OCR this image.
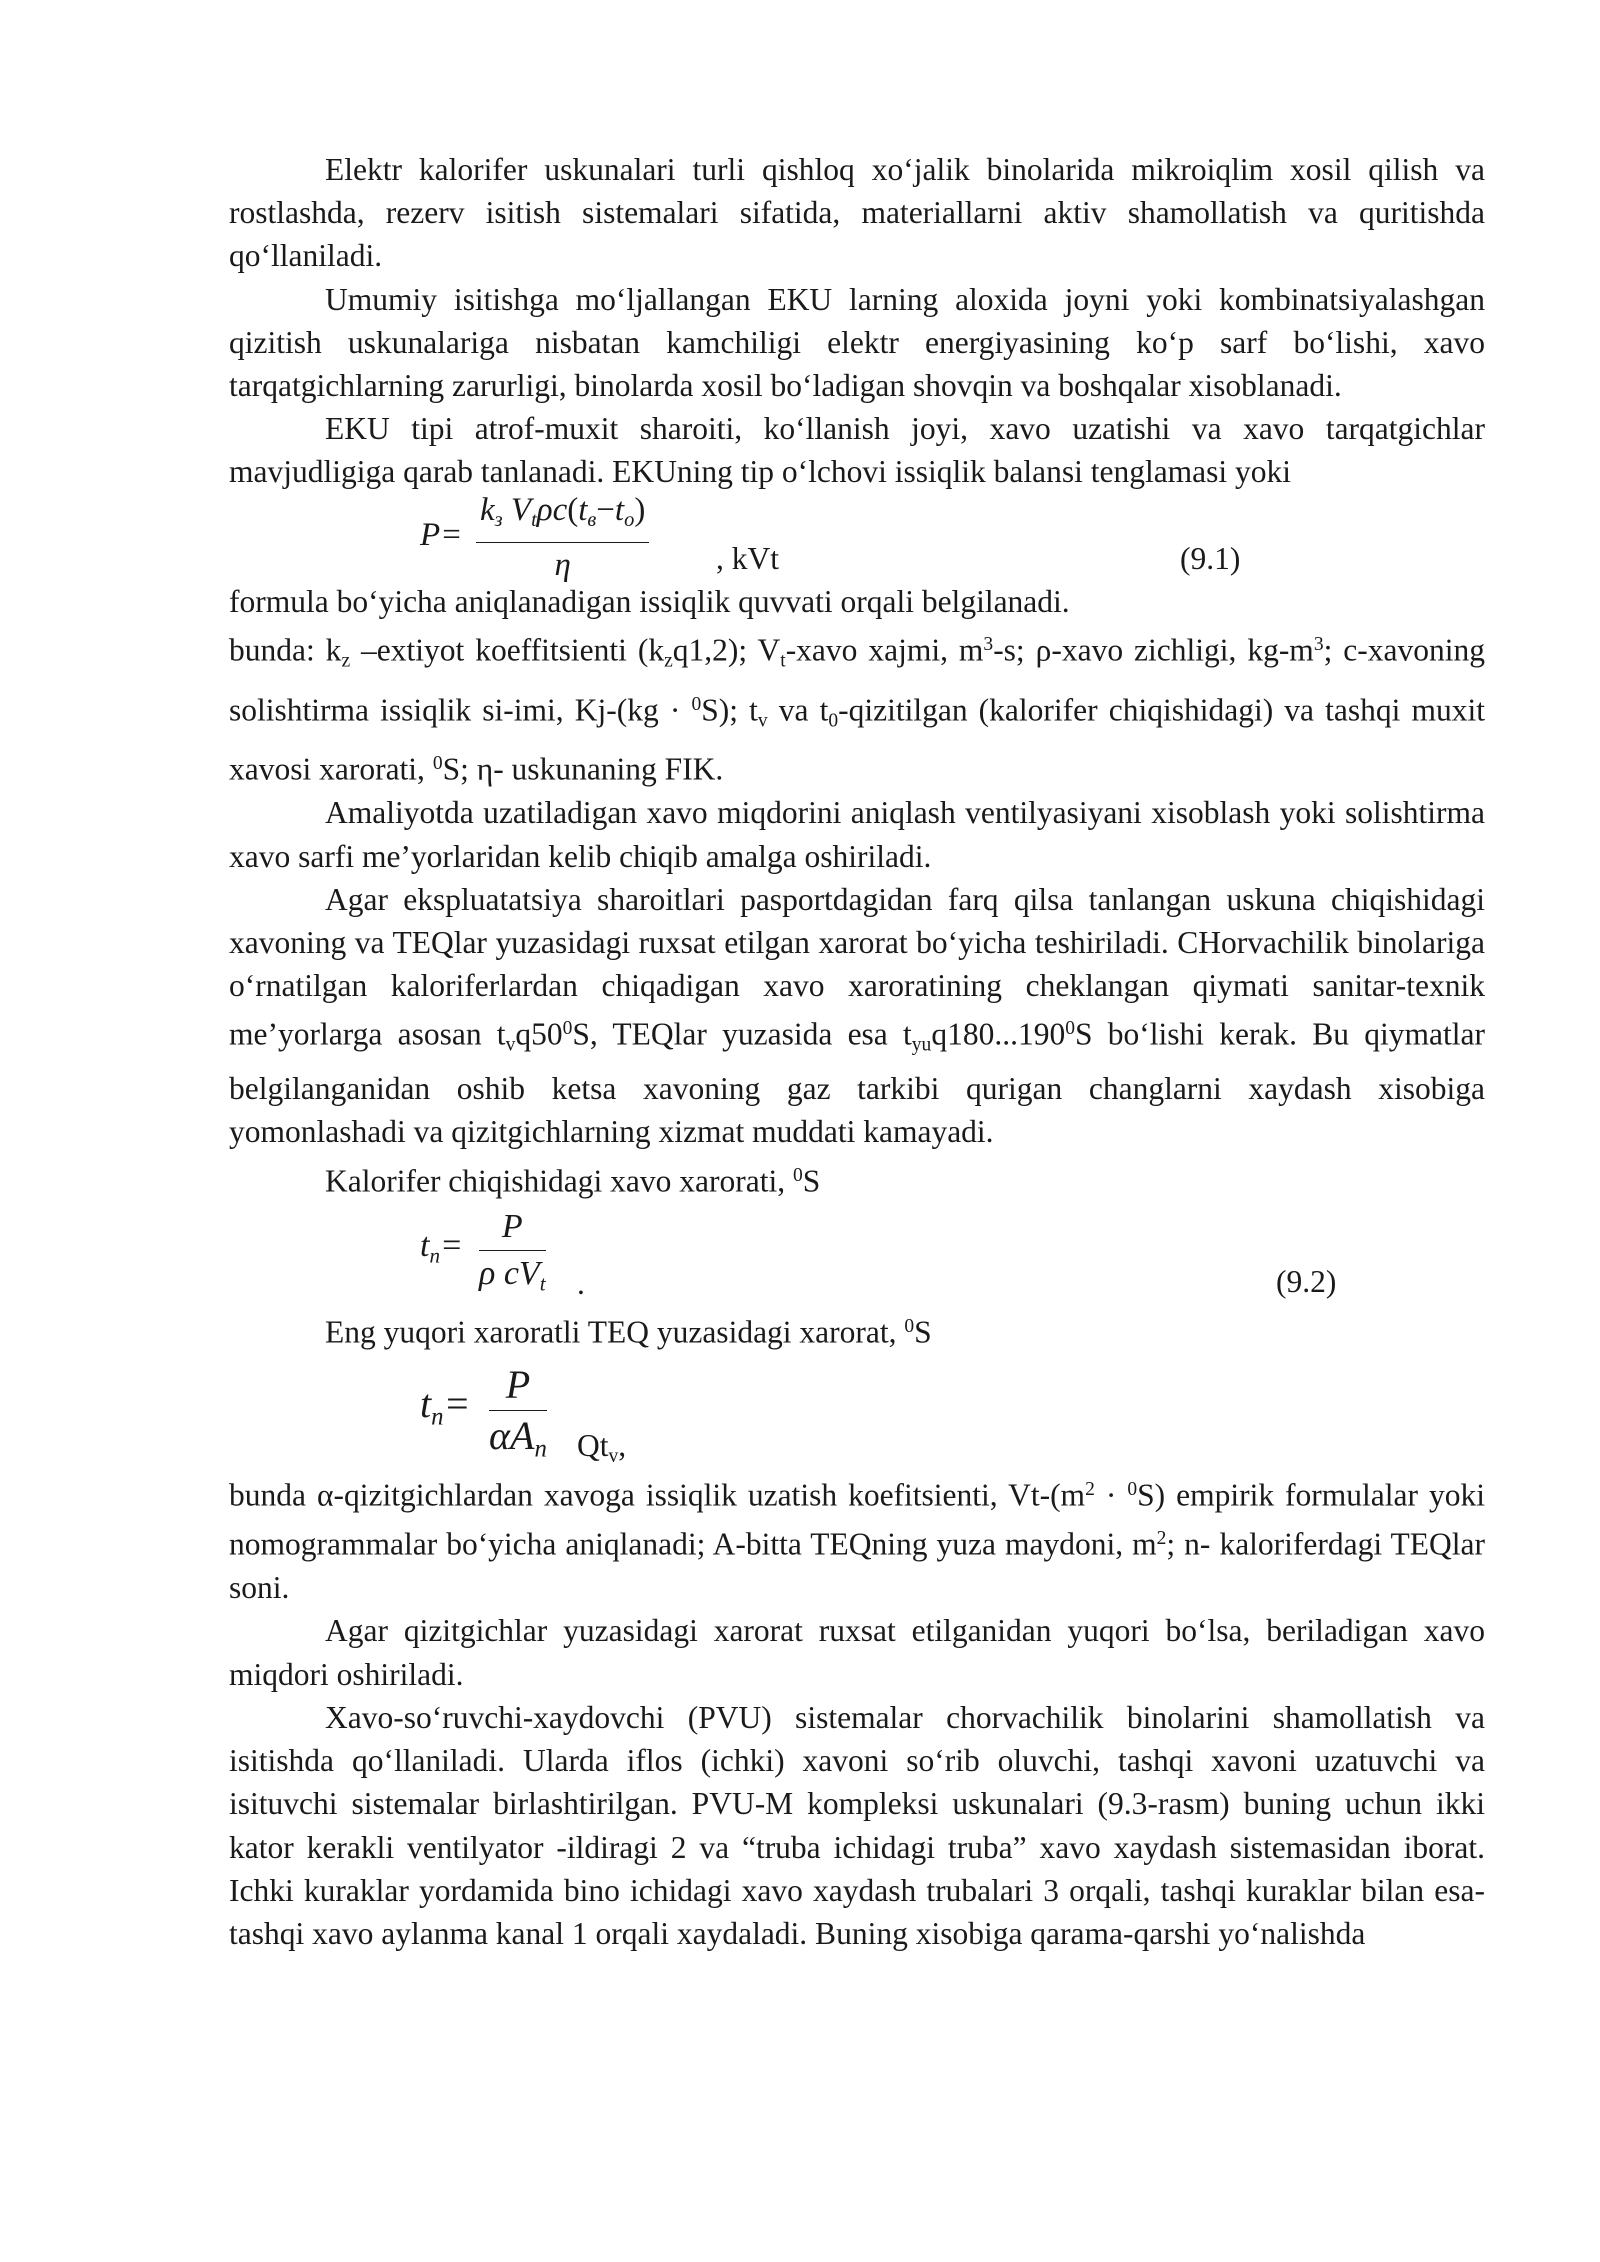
Elektr kalorifer uskunalari turli qishloq xo‘jalik binolarida mikroiqlim xosil qilish va rostlashda, rezerv isitish sistemalari sifatida, materiallarni aktiv shamollatish va quritishda qo‘llaniladi.

Umumiy isitishga mo‘ljallangan EKU larning aloxida joyni yoki kombinatsiyalashgan qizitish uskunalariga nisbatan kamchiligi elektr energiyasining ko‘p sarf bo‘lishi, xavo tarqatgichlarning zarurligi, binolarda xosil bo‘ladigan shovqin va boshqalar xisoblanadi.

EKU tipi atrof-muxit sharoiti, ko‘llanish joyi, xavo uzatishi va xavo tarqatgichlar mavjudligiga qarab tanlanadi. EKUning tip o‘lchovi issiqlik balansi tenglamasi yoki

P=
$k_з$ $V_t\rho c(t_в-t_о)$
η	, kVt	(9.1)

formula bo‘yicha aniqlanadigan issiqlik quvvati orqali belgilanadi.

bunda: $k_z$ –extiyot koeffitsienti $(k_zq1,2)$; $V_t$-xavo xajmi, $m^3-s$; ρ-xavo zichligi, $kg-m^3$; c-xavoning solishtirma issiqlik si-imi, Kj-(kg · $^0$S); $t_v$ va $t_0$-qizitilgan (kalorifer chiqishidagi) va tashqi muxit xavosi xarorati, $^0$S; η- uskunaning FIK.

Amaliyotda uzatiladigan xavo miqdorini aniqlash ventilyasiyani xisoblash yoki solishtirma xavo sarfi me’yorlaridan kelib chiqib amalga oshiriladi.

Agar ekspluatatsiya sharoitlari pasportdagidan farq qilsa tanlangan uskuna chiqishidagi xavoning va TEQlar yuzasidagi ruxsat etilgan xarorat bo‘yicha teshiriladi. CHorvachilik binolariga o‘rnatilgan kaloriferlardan chiqadigan xavo xaroratining cheklangan qiymati sanitar-texnik me’yorlarga asosan $t_vq50^0S$, TEQlar yuzasida esa $t_{yu}q180...190^0S$ bo‘lishi kerak. Bu qiymatlar belgilanganidan oshib ketsa xavoning gaz tarkibi qurigan changlarni xaydash xisobiga yomonlashadi va qizitgichlarning xizmat muddati kamayadi.

Kalorifer chiqishidagi xavo xarorati, $^0$S

$t_n=$
P
ρ $cV_t$ .	(9.2)

Eng yuqori xaroratli TEQ yuzasidagi xarorat, $^0$S

$t_n= P$
$\alpha A_n$ $Qt_v$,

bunda α-qizitgichlardan xavoga issiqlik uzatish koefitsienti, $Vt-(m^2 \cdot ^0S)$ empirik formulalar yoki nomogrammalar bo‘yicha aniqlanadi; A-bitta TEQning yuza maydoni, $m^2$; n- kaloriferdagi TEQlar soni.

Agar qizitgichlar yuzasidagi xarorat ruxsat etilganidan yuqori bo‘lsa, beriladigan xavo miqdori oshiriladi.

Xavo-so‘ruvchi-xaydovchi (PVU) sistemalar chorvachilik binolarini shamollatish va isitishda qo‘llaniladi. Ularda iflos (ichki) xavoni so‘rib oluvchi, tashqi xavoni uzatuvchi va isituvchi sistemalar birlashtirilgan. PVU-M kompleksi uskunalari (9.3-rasm) buning uchun ikki kator kerakli ventilyator -ildiragi 2 va “truba ichidagi truba” xavo xaydash sistemasidan iborat. Ichki kuraklar yordamida bino ichidagi xavo xaydash trubalari 3 orqali, tashqi kuraklar bilan esa-tashqi xavo aylanma kanal 1 orqali xaydaladi. Buning xisobiga qarama-qarshi yo‘nalishda
